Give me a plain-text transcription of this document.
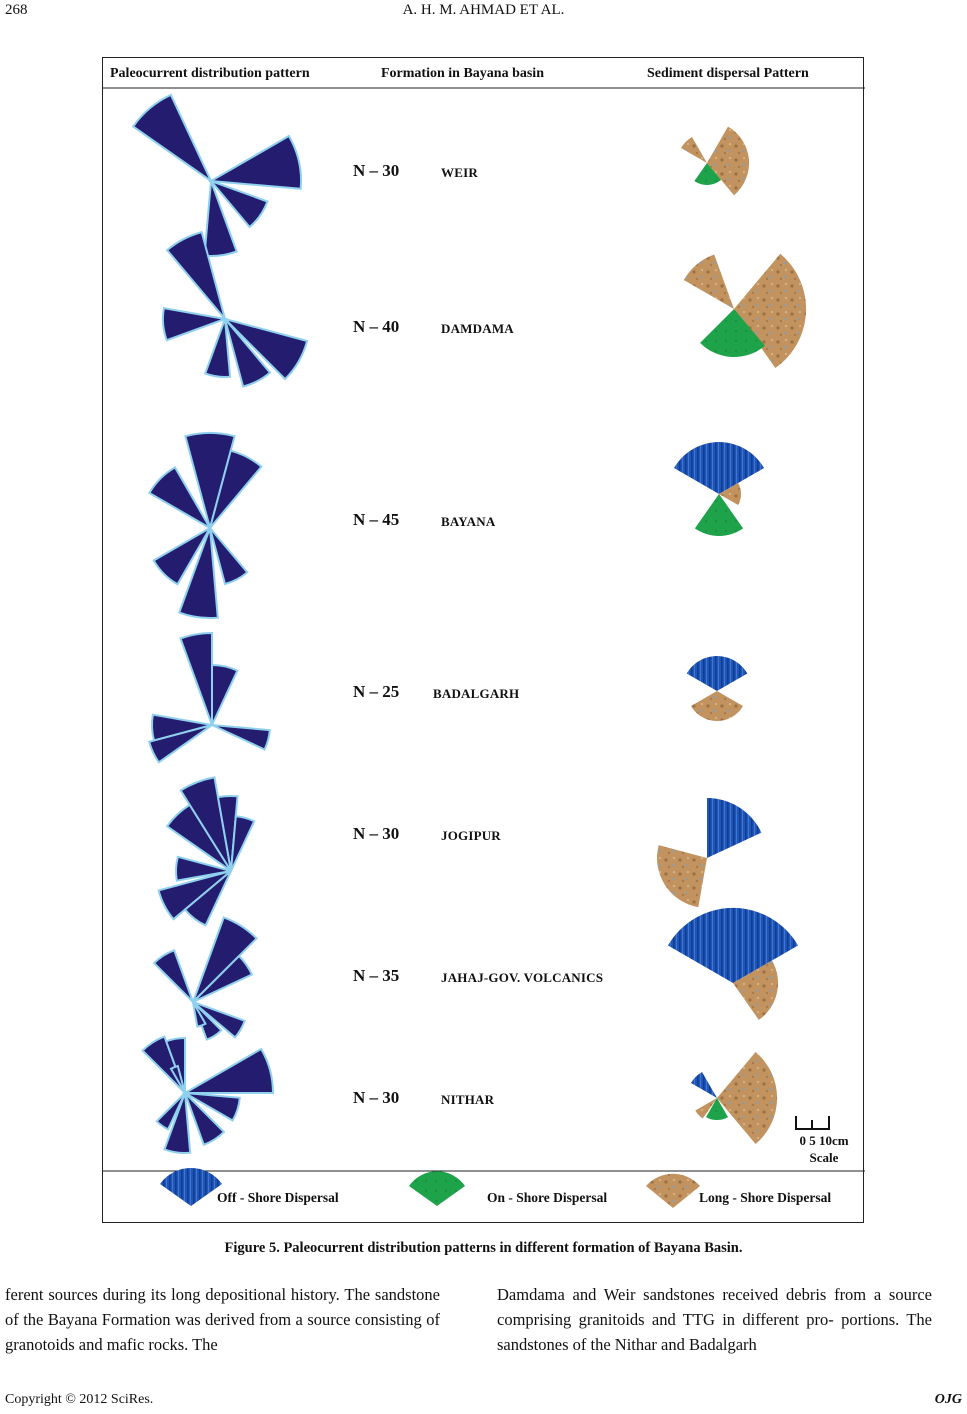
268	A. H. M. AHMAD ET AL.
Paleocurrent distribution pattern	Formation in Bayana basin	Sediment dispersal Pattern
N – 30	WEIR
N – 40	DAMDAMA
N – 45	BAYANA
N – 25	BADALGARH
N – 30	JOGIPUR
N – 35	JAHAJ-GOV. VOLCANICS
N – 30	NITHAR
0 5 10cm
Scale
Off - Shore Dispersal	On - Shore Dispersal	Long - Shore Dispersal
Figure 5. Paleocurrent distribution patterns in different formation of Bayana Basin.

ferent sources during its long depositional history. The sandstone of the Bayana Formation was derived from a source consisting of granotoids and mafic rocks. The

Damdama and Weir sandstones received debris from a source comprising granitoids and TTG in different pro- portions. The sandstones of the Nithar and Badalgarh

Copyright © 2012 SciRes.	OJG
